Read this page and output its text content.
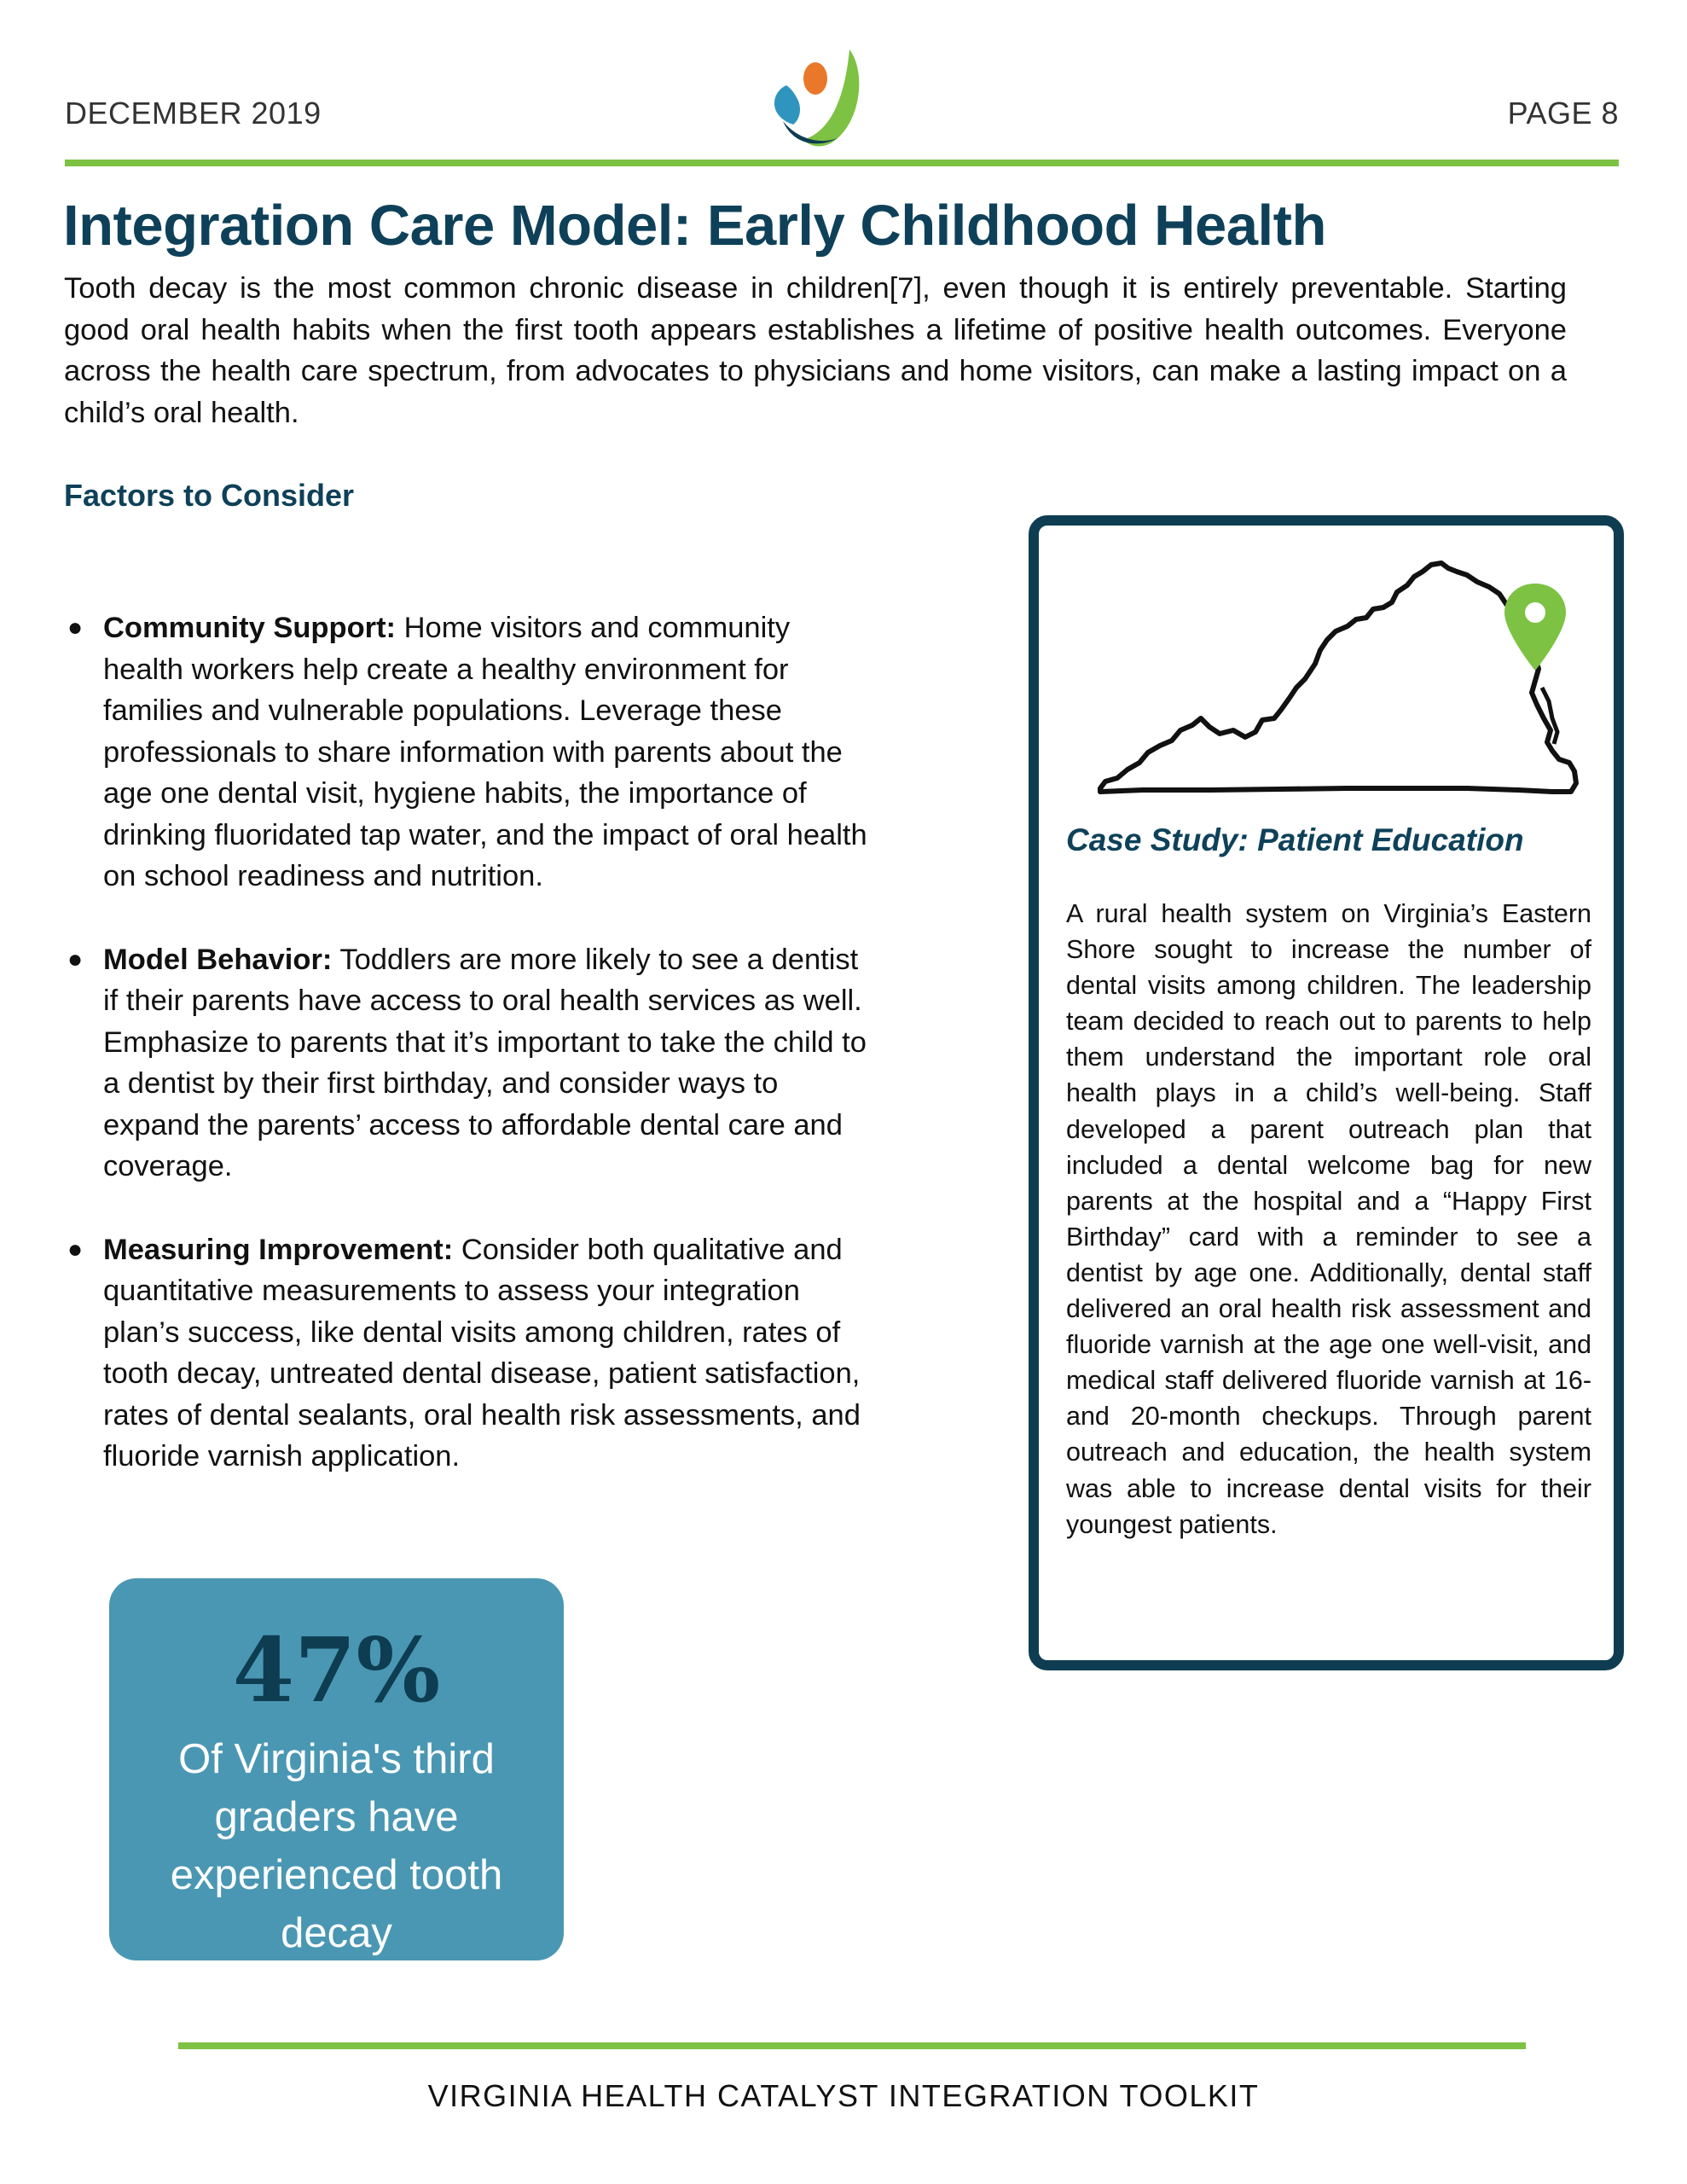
DECEMBER 2019	PAGE 8
Integration Care Model: Early Childhood Health

Tooth decay is the most common chronic disease in children[7], even though it is entirely preventable. Starting good oral health habits when the first tooth appears establishes a lifetime of positive health outcomes. Everyone across the health care spectrum, from advocates to physicians and home visitors, can make a lasting impact on a child’s oral health.

Factors to Consider
● Community Support: Home visitors and community health workers help create a healthy environment for families and vulnerable populations. Leverage these professionals to share information with parents about the age one dental visit, hygiene habits, the importance of drinking fluoridated tap water, and the impact of oral health on school readiness and nutrition.
● Model Behavior: Toddlers are more likely to see a dentist if their parents have access to oral health services as well. Emphasize to parents that it’s important to take the child to a dentist by their first birthday, and consider ways to expand the parents’ access to affordable dental care and coverage.
● Measuring Improvement: Consider both qualitative and quantitative measurements to assess your integration plan’s success, like dental visits among children, rates of tooth decay, untreated dental disease, patient satisfaction, rates of dental sealants, oral health risk assessments, and fluoride varnish application.
47%
Of Virginia's third graders have experienced tooth decay
Case Study: Patient Education

A rural health system on Virginia’s Eastern Shore sought to increase the number of dental visits among children. The leadership team decided to reach out to parents to help them understand the important role oral health plays in a child’s well-being. Staff developed a parent outreach plan that included a dental welcome bag for new parents at the hospital and a “Happy First Birthday” card with a reminder to see a dentist by age one. Additionally, dental staff delivered an oral health risk assessment and fluoride varnish at the age one well-visit, and medical staff delivered fluoride varnish at 16- and 20-month checkups. Through parent outreach and education, the health system was able to increase dental visits for their youngest patients.

VIRGINIA HEALTH CATALYST INTEGRATION TOOLKIT
